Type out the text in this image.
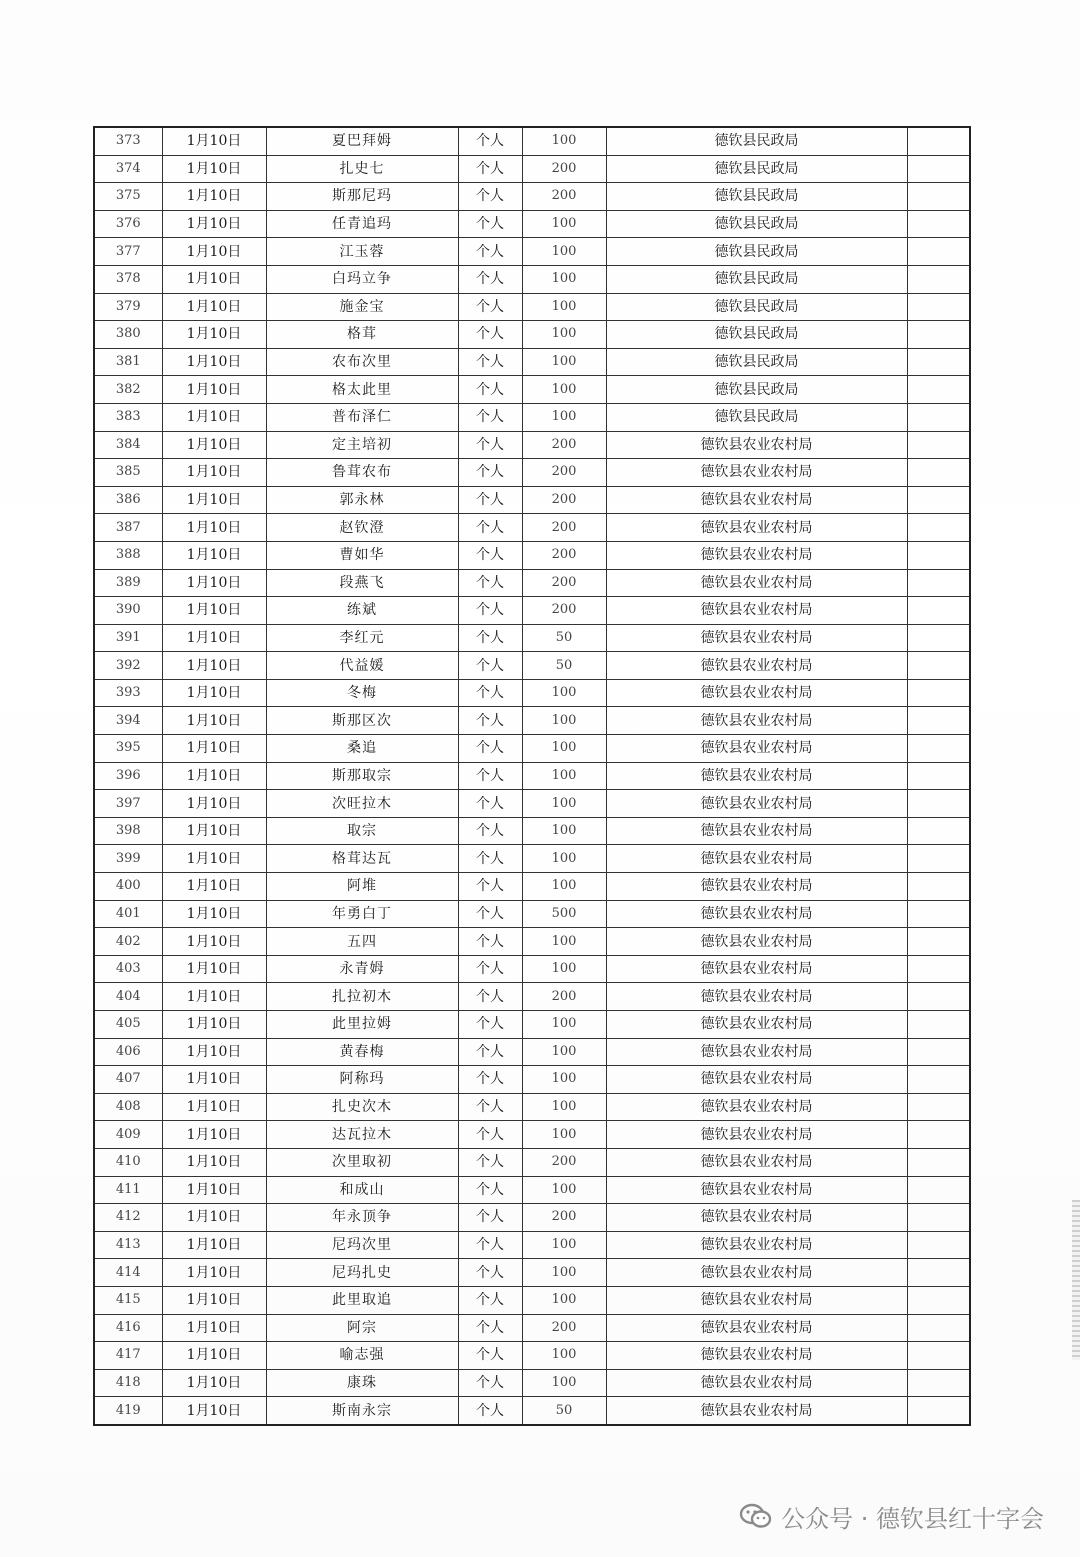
373	1月10日	夏巴拜姆	个人	100	德钦县民政局	
374	1月10日	扎史七	个人	200	德钦县民政局	
375	1月10日	斯那尼玛	个人	200	德钦县民政局	
376	1月10日	任青追玛	个人	100	德钦县民政局	
377	1月10日	江玉蓉	个人	100	德钦县民政局	
378	1月10日	白玛立争	个人	100	德钦县民政局	
379	1月10日	施金宝	个人	100	德钦县民政局	
380	1月10日	格茸	个人	100	德钦县民政局	
381	1月10日	农布次里	个人	100	德钦县民政局	
382	1月10日	格太此里	个人	100	德钦县民政局	
383	1月10日	普布泽仁	个人	100	德钦县民政局	
384	1月10日	定主培初	个人	200	德钦县农业农村局	
385	1月10日	鲁茸农布	个人	200	德钦县农业农村局	
386	1月10日	郭永林	个人	200	德钦县农业农村局	
387	1月10日	赵钦澄	个人	200	德钦县农业农村局	
388	1月10日	曹如华	个人	200	德钦县农业农村局	
389	1月10日	段燕飞	个人	200	德钦县农业农村局	
390	1月10日	练斌	个人	200	德钦县农业农村局	
391	1月10日	李红元	个人	50	德钦县农业农村局	
392	1月10日	代益媛	个人	50	德钦县农业农村局	
393	1月10日	冬梅	个人	100	德钦县农业农村局	
394	1月10日	斯那区次	个人	100	德钦县农业农村局	
395	1月10日	桑追	个人	100	德钦县农业农村局	
396	1月10日	斯那取宗	个人	100	德钦县农业农村局	
397	1月10日	次旺拉木	个人	100	德钦县农业农村局	
398	1月10日	取宗	个人	100	德钦县农业农村局	
399	1月10日	格茸达瓦	个人	100	德钦县农业农村局	
400	1月10日	阿堆	个人	100	德钦县农业农村局	
401	1月10日	年勇白丁	个人	500	德钦县农业农村局	
402	1月10日	五四	个人	100	德钦县农业农村局	
403	1月10日	永青姆	个人	100	德钦县农业农村局	
404	1月10日	扎拉初木	个人	200	德钦县农业农村局	
405	1月10日	此里拉姆	个人	100	德钦县农业农村局	
406	1月10日	黄春梅	个人	100	德钦县农业农村局	
407	1月10日	阿称玛	个人	100	德钦县农业农村局	
408	1月10日	扎史次木	个人	100	德钦县农业农村局	
409	1月10日	达瓦拉木	个人	100	德钦县农业农村局	
410	1月10日	次里取初	个人	200	德钦县农业农村局	
411	1月10日	和成山	个人	100	德钦县农业农村局	
412	1月10日	年永顶争	个人	200	德钦县农业农村局	
413	1月10日	尼玛次里	个人	100	德钦县农业农村局	
414	1月10日	尼玛扎史	个人	100	德钦县农业农村局	
415	1月10日	此里取追	个人	100	德钦县农业农村局	
416	1月10日	阿宗	个人	200	德钦县农业农村局	
417	1月10日	喻志强	个人	100	德钦县农业农村局	
418	1月10日	康珠	个人	100	德钦县农业农村局	
419	1月10日	斯南永宗	个人	50	德钦县农业农村局	
公众号 · 德钦县红十字会
